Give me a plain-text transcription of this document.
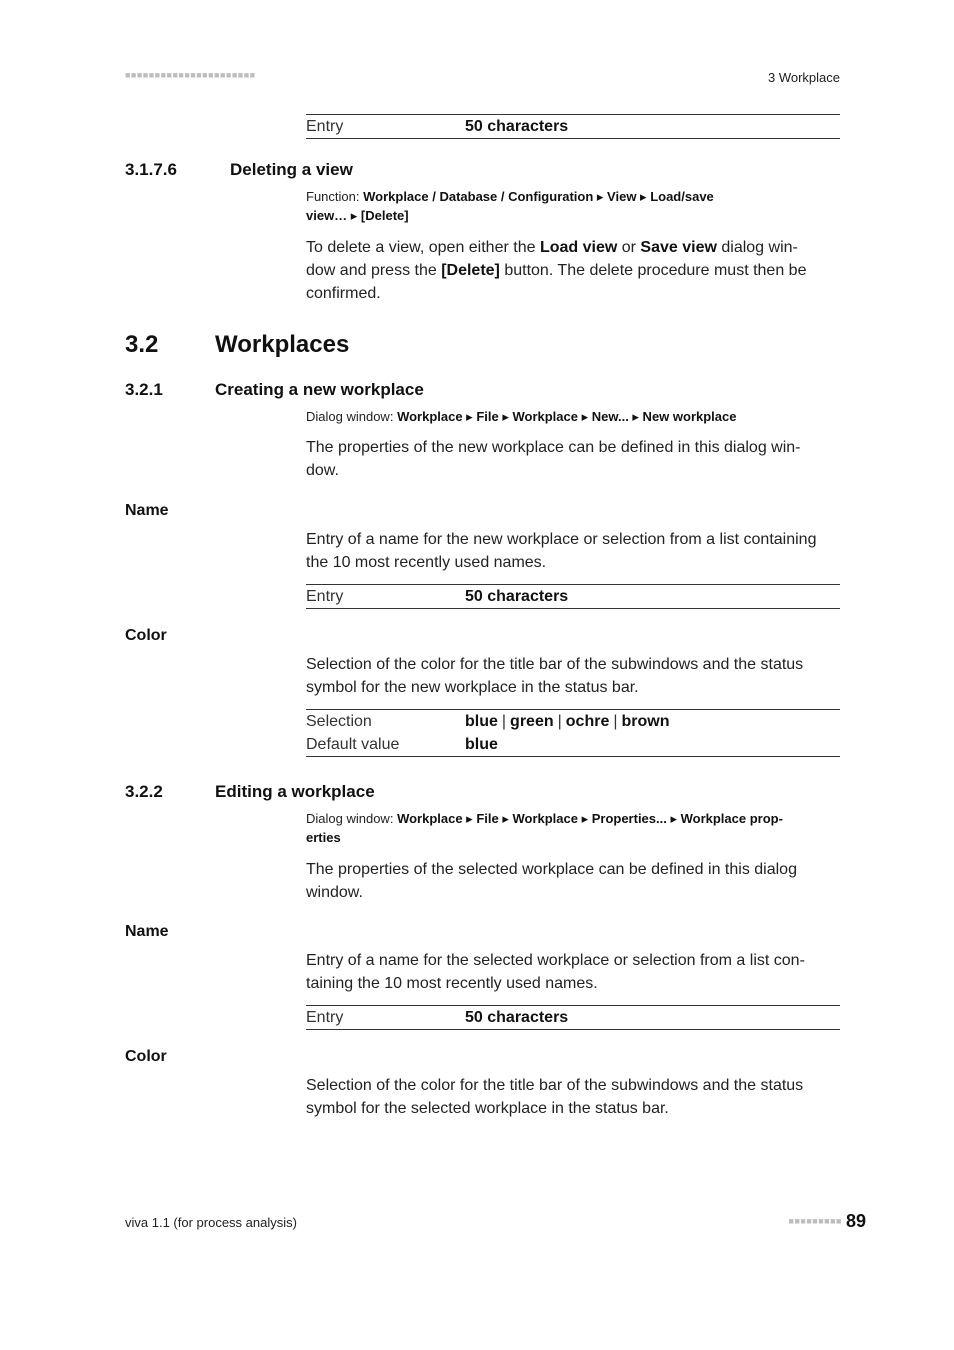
■■■■■■■■■■■■■■■■■■■■■■	3 Workplace
Entry	50 characters
3.1.7.6	Deleting a view
Function: Workplace / Database / Configuration ▸ View ▸ Load/save
view… ▸ [Delete]
To delete a view, open either the Load view or Save view dialog win-
dow and press the [Delete] button. The delete procedure must then be
confirmed.
3.2 Workplaces
3.2.1	Creating a new workplace
Dialog window: Workplace ▸ File ▸ Workplace ▸ New... ▸ New workplace
The properties of the new workplace can be defined in this dialog win-
dow.
Name
Entry of a name for the new workplace or selection from a list containing
the 10 most recently used names.
Entry	50 characters
Color
Selection of the color for the title bar of the subwindows and the status
symbol for the new workplace in the status bar.
Selection	blue | green | ochre | brown
Default value	blue
3.2.2	Editing a workplace
Dialog window: Workplace ▸ File ▸ Workplace ▸ Properties... ▸ Workplace prop-
erties
The properties of the selected workplace can be defined in this dialog
window.
Name
Entry of a name for the selected workplace or selection from a list con-
taining the 10 most recently used names.
Entry	50 characters
Color
Selection of the color for the title bar of the subwindows and the status
symbol for the selected workplace in the status bar.
viva 1.1 (for process analysis)	■■■■■■■■■ 89
